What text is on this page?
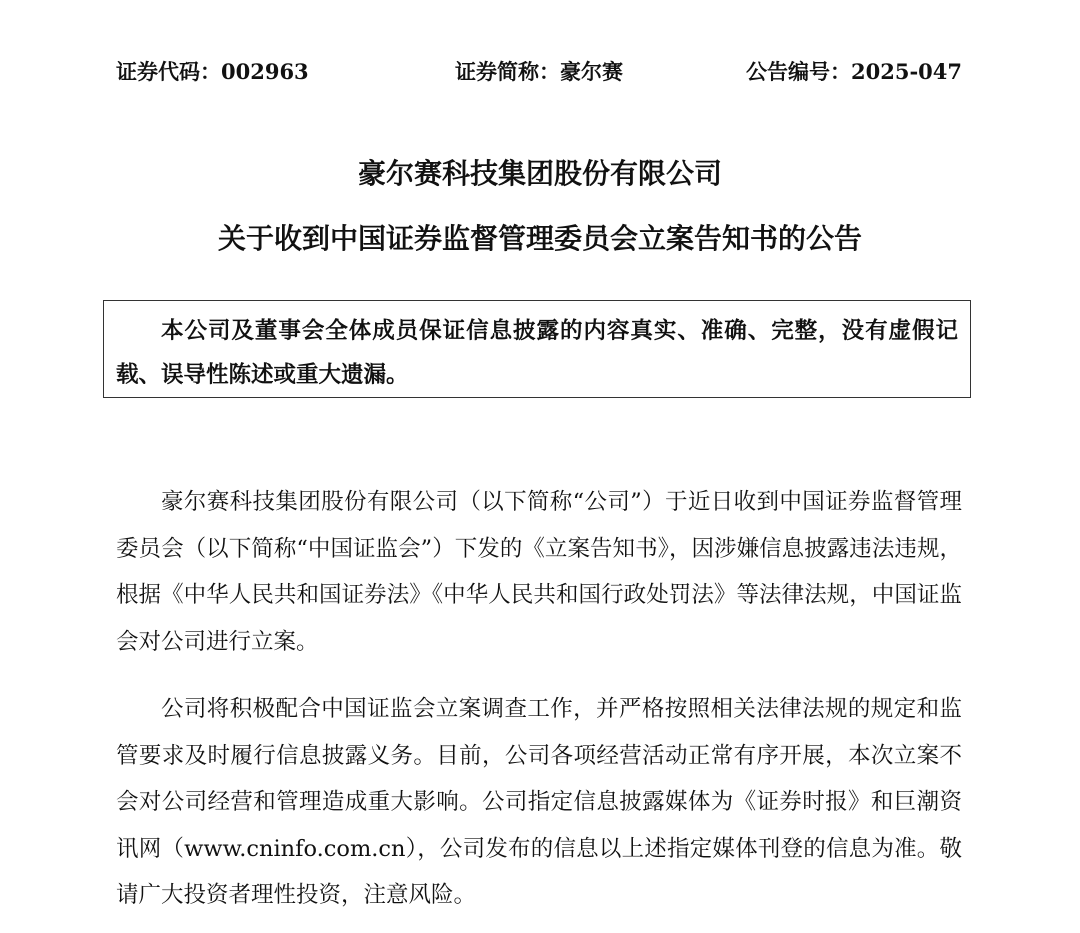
证券代码：002963	证券简称：豪尔赛	公告编号：2025-047
豪尔赛科技集团股份有限公司
关于收到中国证券监督管理委员会立案告知书的公告
本公司及董事会全体成员保证信息披露的内容真实、准确、完整，没有虚假记载、误导性陈述或重大遗漏。

豪尔赛科技集团股份有限公司（以下简称“公司”）于近日收到中国证券监督管理委员会（以下简称“中国证监会”）下发的《立案告知书》，因涉嫌信息披露违法违规，根据《中华人民共和国证券法》《中华人民共和国行政处罚法》等法律法规，中国证监会对公司进行立案。

公司将积极配合中国证监会立案调查工作，并严格按照相关法律法规的规定和监管要求及时履行信息披露义务。目前，公司各项经营活动正常有序开展，本次立案不会对公司经营和管理造成重大影响。公司指定信息披露媒体为《证券时报》和巨潮资讯网（www.cninfo.com.cn），公司发布的信息以上述指定媒体刊登的信息为准。敬请广大投资者理性投资，注意风险。
